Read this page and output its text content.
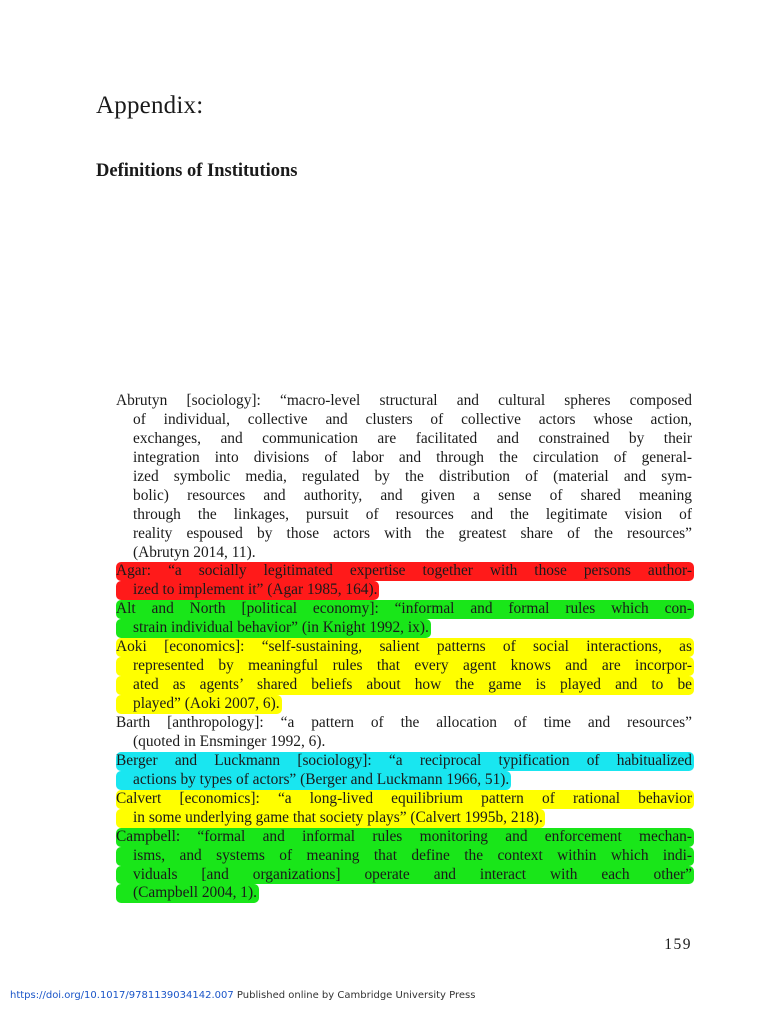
Appendix:
Definitions of Institutions
Abrutyn [sociology]: “macro-level structural and cultural spheres composed
of individual, collective and clusters of collective actors whose action,
exchanges, and communication are facilitated and constrained by their
integration into divisions of labor and through the circulation of general-
ized symbolic media, regulated by the distribution of (material and sym-
bolic) resources and authority, and given a sense of shared meaning
through the linkages, pursuit of resources and the legitimate vision of
reality espoused by those actors with the greatest share of the resources”
(Abrutyn 2014, 11).
Agar: “a socially legitimated expertise together with those persons author-
ized to implement it” (Agar 1985, 164).
Alt and North [political economy]: “informal and formal rules which con-
strain individual behavior” (in Knight 1992, ix).
Aoki [economics]: “self-sustaining, salient patterns of social interactions, as
represented by meaningful rules that every agent knows and are incorpor-
ated as agents’ shared beliefs about how the game is played and to be
played” (Aoki 2007, 6).
Barth [anthropology]: “a pattern of the allocation of time and resources”
(quoted in Ensminger 1992, 6).
Berger and Luckmann [sociology]: “a reciprocal typification of habitualized
actions by types of actors” (Berger and Luckmann 1966, 51).
Calvert [economics]: “a long-lived equilibrium pattern of rational behavior
in some underlying game that society plays” (Calvert 1995b, 218).
Campbell: “formal and informal rules monitoring and enforcement mechan-
isms, and systems of meaning that define the context within which indi-
viduals [and organizations] operate and interact with each other”
(Campbell 2004, 1).
159
https://doi.org/10.1017/9781139034142.007 Published online by Cambridge University Press
